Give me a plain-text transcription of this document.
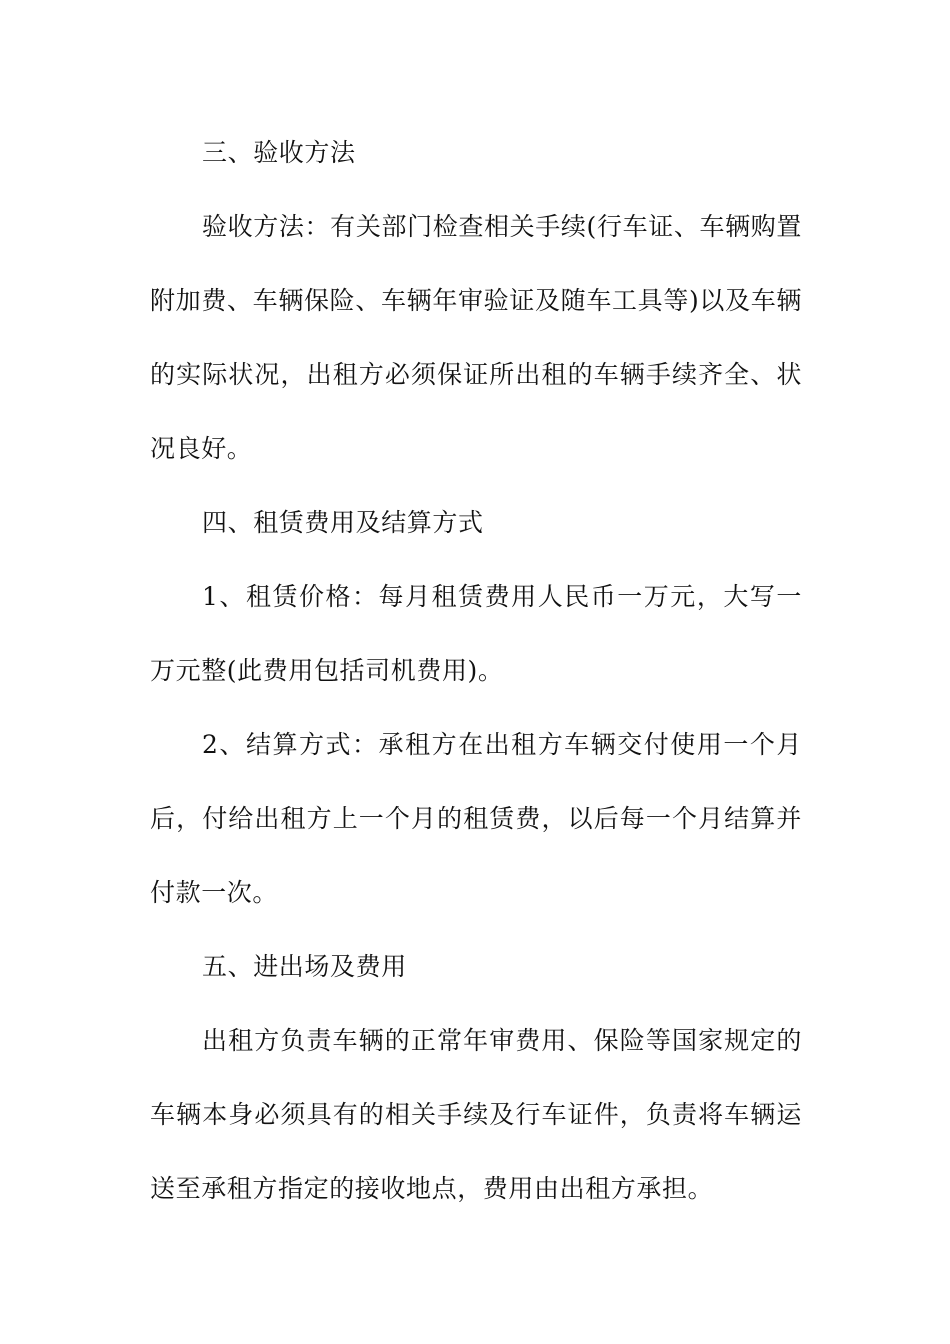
三、验收方法

验收方法：有关部门检查相关手续(行车证、车辆购置附加费、车辆保险、车辆年审验证及随车工具等)以及车辆的实际状况，出租方必须保证所出租的车辆手续齐全、状况良好。

四、租赁费用及结算方式

1、租赁价格：每月租赁费用人民币一万元，大写一万元整(此费用包括司机费用)。

2、结算方式：承租方在出租方车辆交付使用一个月后，付给出租方上一个月的租赁费，以后每一个月结算并付款一次。

五、进出场及费用

出租方负责车辆的正常年审费用、保险等国家规定的车辆本身必须具有的相关手续及行车证件，负责将车辆运送至承租方指定的接收地点，费用由出租方承担。
